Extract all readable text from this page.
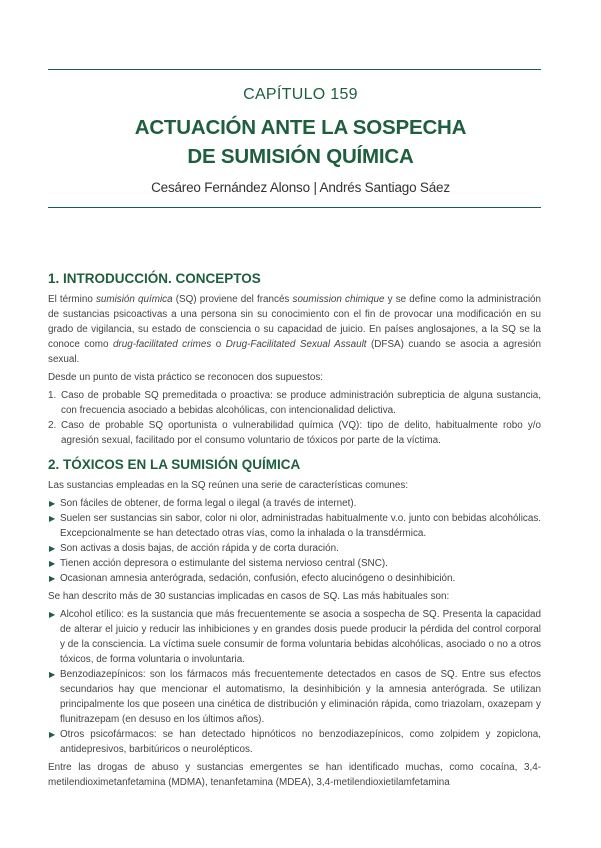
CAPÍTULO 159
ACTUACIÓN ANTE LA SOSPECHA
DE SUMISIÓN QUÍMICA
Cesáreo Fernández Alonso | Andrés Santiago Sáez
1. INTRODUCCIÓN. CONCEPTOS

El término sumisión química (SQ) proviene del francés soumission chimique y se define como la administración de sustancias psicoactivas a una persona sin su conocimiento con el fin de provocar una modificación en su grado de vigilancia, su estado de consciencia o su capacidad de juicio. En países anglosajones, a la SQ se la conoce como drug-facilitated crimes o Drug-Facilitated Sexual Assault (DFSA) cuando se asocia a agresión sexual.

Desde un punto de vista práctico se reconocen dos supuestos:

1. Caso de probable SQ premeditada o proactiva: se produce administración subrepticia de alguna sustancia, con frecuencia asociado a bebidas alcohólicas, con intencionalidad delictiva.
2. Caso de probable SQ oportunista o vulnerabilidad química (VQ): tipo de delito, habitualmente robo y/o agresión sexual, facilitado por el consumo voluntario de tóxicos por parte de la víctima.
2. TÓXICOS EN LA SUMISIÓN QUÍMICA

Las sustancias empleadas en la SQ reúnen una serie de características comunes:

▶ Son fáciles de obtener, de forma legal o ilegal (a través de internet).
▶ Suelen ser sustancias sin sabor, color ni olor, administradas habitualmente v.o. junto con bebidas alcohólicas. Excepcionalmente se han detectado otras vías, como la inhalada o la transdérmica.
▶ Son activas a dosis bajas, de acción rápida y de corta duración.
▶ Tienen acción depresora o estimulante del sistema nervioso central (SNC).
▶ Ocasionan amnesia anterógrada, sedación, confusión, efecto alucinógeno o desinhibición.

Se han descrito más de 30 sustancias implicadas en casos de SQ. Las más habituales son:

▶ Alcohol etílico: es la sustancia que más frecuentemente se asocia a sospecha de SQ. Presenta la capacidad de alterar el juicio y reducir las inhibiciones y en grandes dosis puede producir la pérdida del control corporal y de la consciencia. La víctima suele consumir de forma voluntaria bebidas alcohólicas, asociado o no a otros tóxicos, de forma voluntaria o involuntaria.
▶ Benzodiazepínicos: son los fármacos más frecuentemente detectados en casos de SQ. Entre sus efectos secundarios hay que mencionar el automatismo, la desinhibición y la amnesia anterógrada. Se utilizan principalmente los que poseen una cinética de distribución y eliminación rápida, como triazolam, oxazepam y flunitrazepam (en desuso en los últimos años).
▶ Otros psicofármacos: se han detectado hipnóticos no benzodiazepínicos, como zolpidem y zopiclona, antidepresivos, barbitúricos o neurolépticos.

Entre las drogas de abuso y sustancias emergentes se han identificado muchas, como cocaína, 3,4-metilendioximetanfetamina (MDMA), tenanfetamina (MDEA), 3,4-metilendioxietilamfetamina
